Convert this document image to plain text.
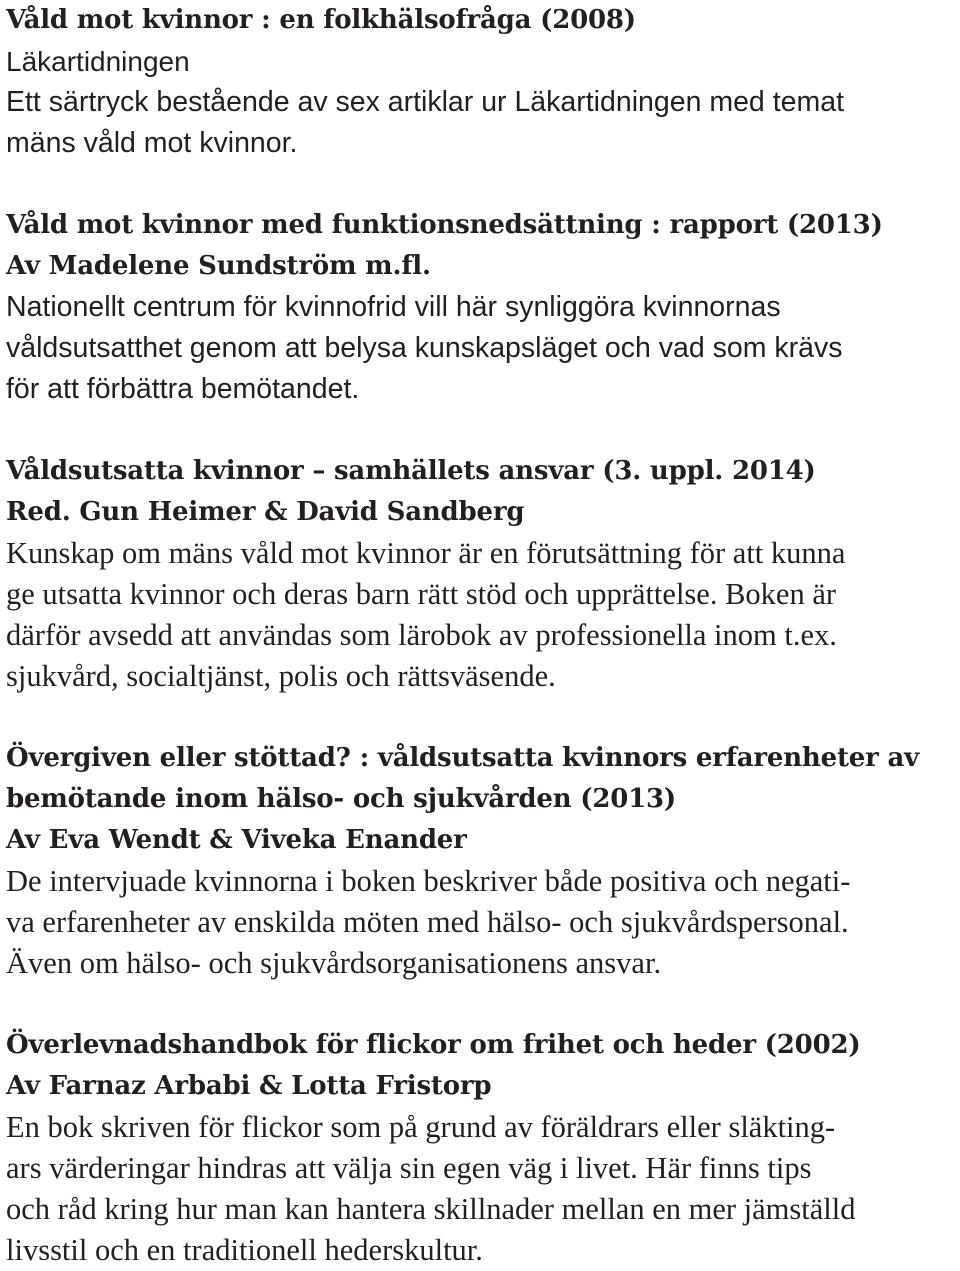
Våld mot kvinnor : en folkhälsofråga (2008)
Läkartidningen
Ett särtryck bestående av sex artiklar ur Läkartidningen med temat
mäns våld mot kvinnor.
Våld mot kvinnor med funktionsnedsättning : rapport (2013)
Av Madelene Sundström m.fl.
Nationellt centrum för kvinnofrid vill här synliggöra kvinnornas
våldsutsatthet genom att belysa kunskapsläget och vad som krävs
för att förbättra bemötandet.
Våldsutsatta kvinnor – samhällets ansvar (3. uppl. 2014)
Red. Gun Heimer & David Sandberg
Kunskap om mäns våld mot kvinnor är en förutsättning för att kunna
ge utsatta kvinnor och deras barn rätt stöd och upprättelse. Boken är
därför avsedd att användas som lärobok av professionella inom t.ex.
sjukvård, socialtjänst, polis och rättsväsende.
Övergiven eller stöttad? : våldsutsatta kvinnors erfarenheter av
bemötande inom hälso- och sjukvården (2013)
Av Eva Wendt & Viveka Enander
De intervjuade kvinnorna i boken beskriver både positiva och negati-
va erfarenheter av enskilda möten med hälso- och sjukvårdspersonal.
Även om hälso- och sjukvårdsorganisationens ansvar.
Överlevnadshandbok för flickor om frihet och heder (2002)
Av Farnaz Arbabi & Lotta Fristorp
En bok skriven för flickor som på grund av föräldrars eller släkting-
ars värderingar hindras att välja sin egen väg i livet. Här finns tips
och råd kring hur man kan hantera skillnader mellan en mer jämställd
livsstil och en traditionell hederskultur.
